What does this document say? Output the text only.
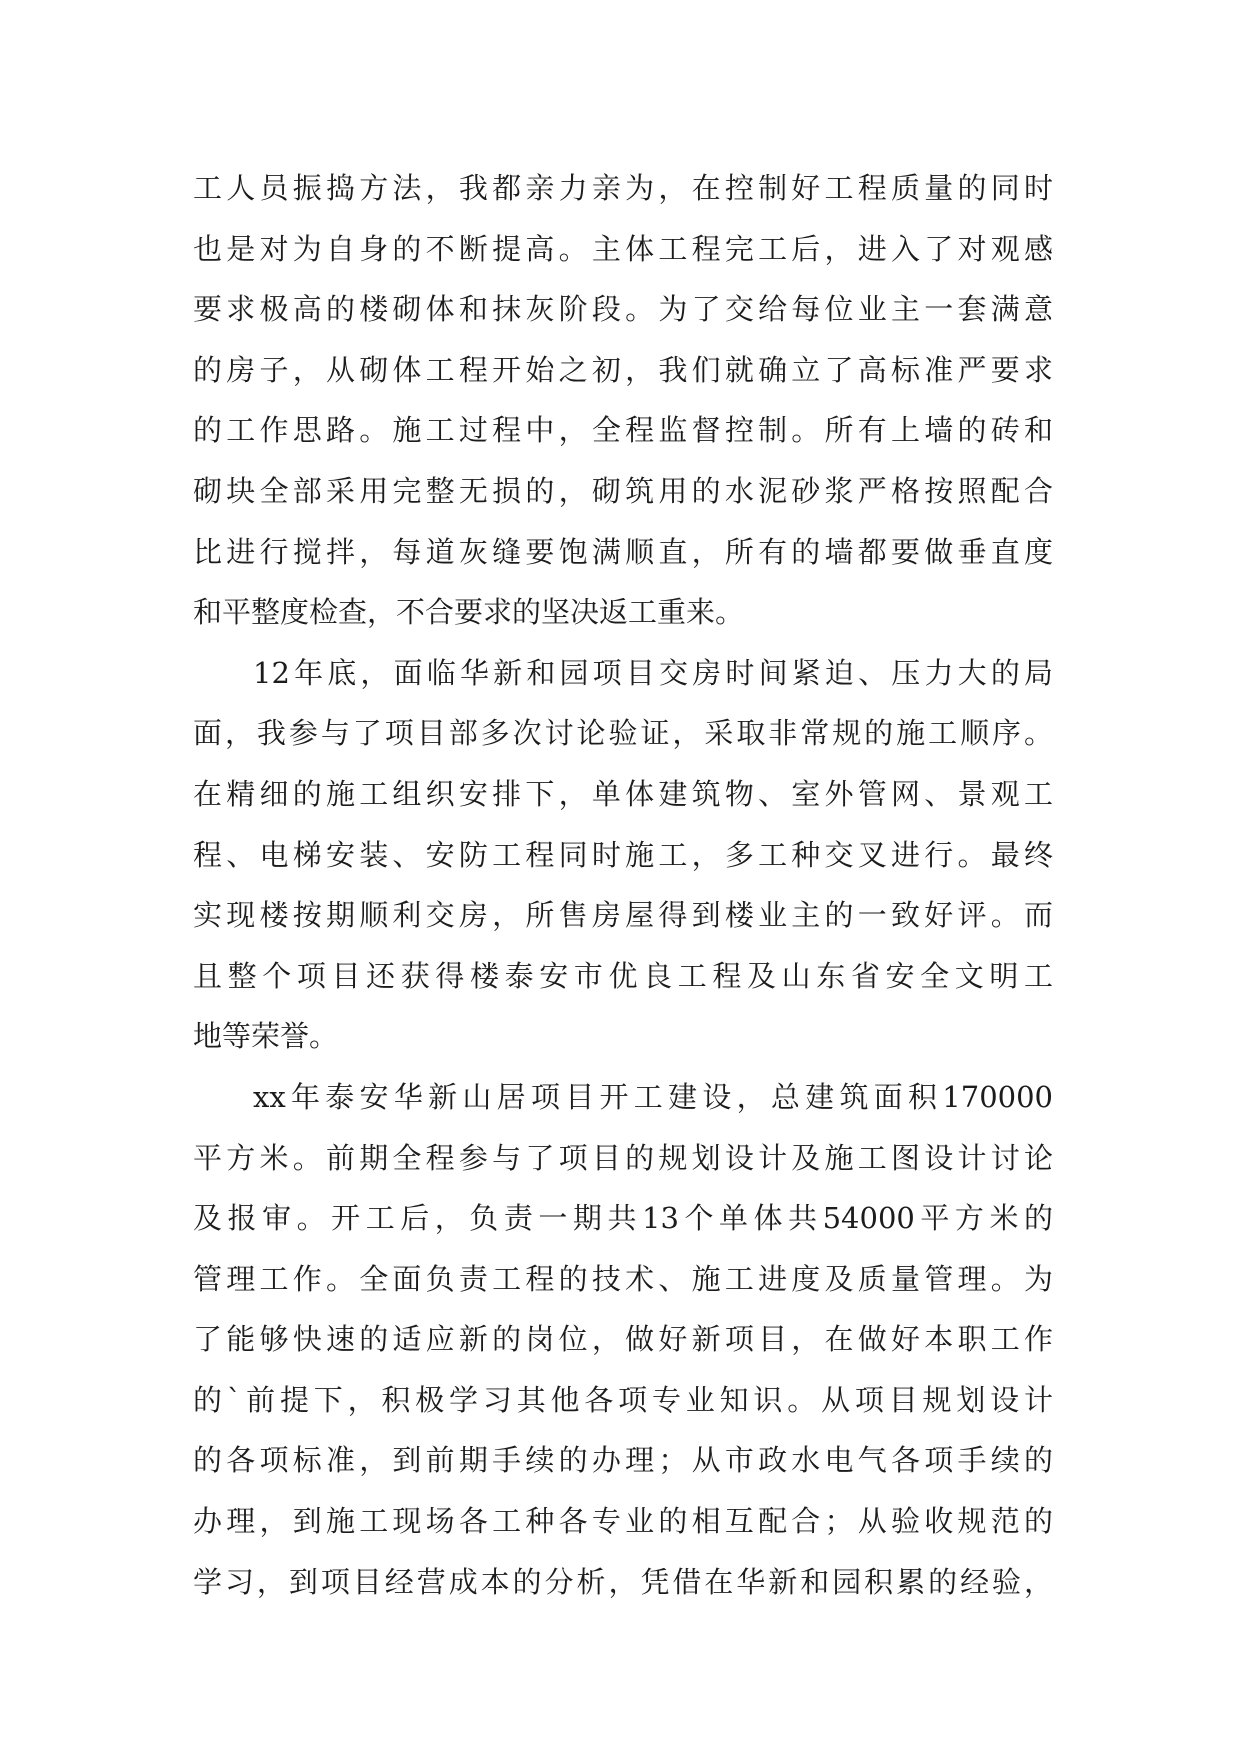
工人员振捣方法，我都亲力亲为，在控制好工程质量的同时
也是对为自身的不断提高。主体工程完工后，进入了对观感
要求极高的楼砌体和抹灰阶段。为了交给每位业主一套满意
的房子，从砌体工程开始之初，我们就确立了高标准严要求
的工作思路。施工过程中，全程监督控制。所有上墙的砖和
砌块全部采用完整无损的，砌筑用的水泥砂浆严格按照配合
比进行搅拌，每道灰缝要饱满顺直，所有的墙都要做垂直度
和平整度检查，不合要求的坚决返工重来。
12年底，面临华新和园项目交房时间紧迫、压力大的局
面，我参与了项目部多次讨论验证，采取非常规的施工顺序。
在精细的施工组织安排下，单体建筑物、室外管网、景观工
程、电梯安装、安防工程同时施工，多工种交叉进行。最终
实现楼按期顺利交房，所售房屋得到楼业主的一致好评。而
且整个项目还获得楼泰安市优良工程及山东省安全文明工
地等荣誉。
xx年泰安华新山居项目开工建设，总建筑面积170000
平方米。前期全程参与了项目的规划设计及施工图设计讨论
及报审。开工后，负责一期共13个单体共54000平方米的
管理工作。全面负责工程的技术、施工进度及质量管理。为
了能够快速的适应新的岗位，做好新项目，在做好本职工作
的`前提下，积极学习其他各项专业知识。从项目规划设计
的各项标准，到前期手续的办理；从市政水电气各项手续的
办理，到施工现场各工种各专业的相互配合；从验收规范的
学习，到项目经营成本的分析，凭借在华新和园积累的经验，
